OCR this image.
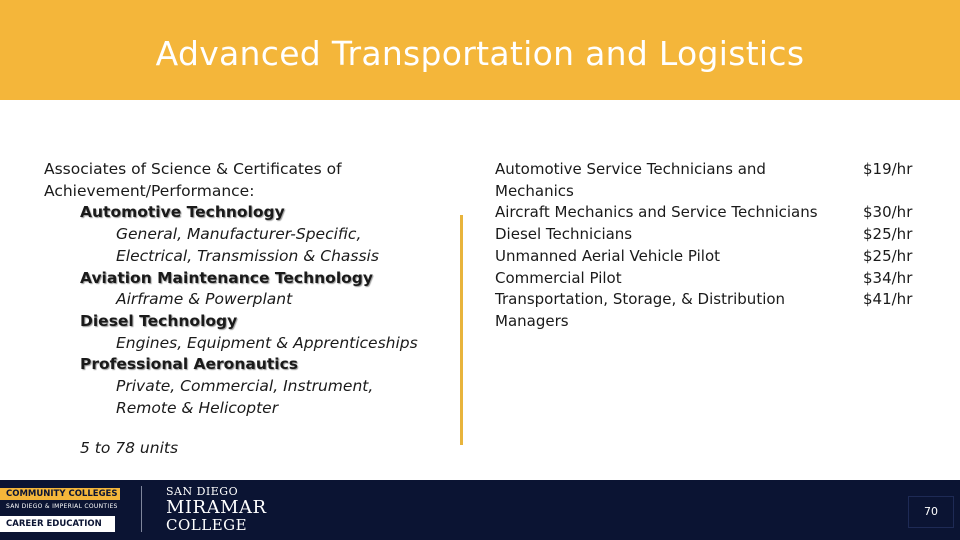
Advanced Transportation and Logistics
Associates of Science & Certificates of
Achievement/Performance:
Automotive Technology
General, Manufacturer-Specific,
Electrical, Transmission & Chassis
Aviation Maintenance Technology
Airframe & Powerplant
Diesel Technology
Engines, Equipment & Apprenticeships
Professional Aeronautics
Private, Commercial, Instrument,
Remote & Helicopter
5 to 78 units
Automotive Service Technicians and
Mechanics
Aircraft Mechanics and Service Technicians
Diesel Technicians
Unmanned Aerial Vehicle Pilot
Commercial Pilot
Transportation, Storage, & Distribution
Managers
$19/hr

$30/hr
$25/hr
$25/hr
$34/hr
$41/hr
COMMUNITY COLLEGES
SAN DIEGO & IMPERIAL COUNTIES
CAREER EDUCATION
SAN DIEGO
MIRAMAR
COLLEGE
70
